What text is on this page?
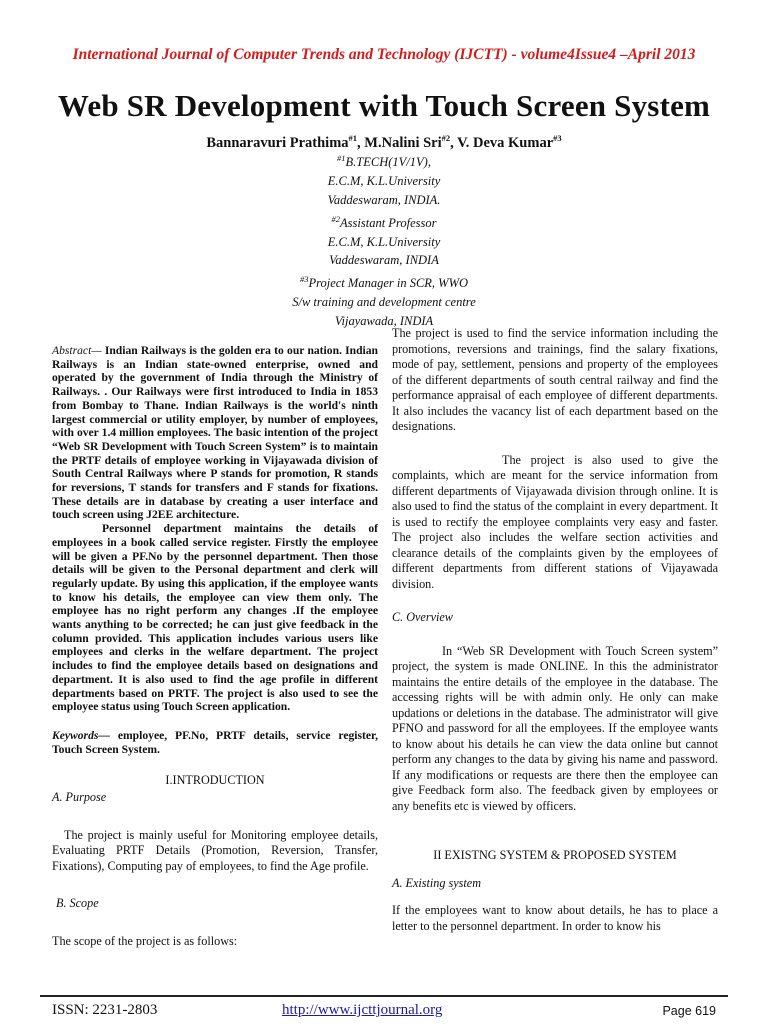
International Journal of Computer Trends and Technology (IJCTT) - volume4Issue4 –April 2013
Web SR Development with Touch Screen System
Bannaravuri Prathima$^{\#1}$, M.Nalini Sri$^{\#2}$, V. Deva Kumar$^{\#3}$
$^{\#1}$B.TECH(1V/1V),
E.C.M, K.L.University
Vaddeswaram, INDIA.
$^{\#2}$Assistant Professor
E.C.M, K.L.University
Vaddeswaram, INDIA
$^{\#3}$Project Manager in SCR, WWO
S/w training and development centre
Vijayawada, INDIA

Abstract— Indian Railways is the golden era to our nation. Indian Railways is an Indian state-owned enterprise, owned and operated by the government of India through the Ministry of Railways. . Our Railways were first introduced to India in 1853 from Bombay to Thane. Indian Railways is the world's ninth largest commercial or utility employer, by number of employees, with over 1.4 million employees. The basic intention of the project “Web SR Development with Touch Screen System” is to maintain the PRTF details of employee working in Vijayawada division of South Central Railways where P stands for promotion, R stands for reversions, T stands for transfers and F stands for fixations. These details are in database by creating a user interface and touch screen using J2EE architecture.

Personnel department maintains the details of employees in a book called service register. Firstly the employee will be given a PF.No by the personnel department. Then those details will be given to the Personal department and clerk will regularly update. By using this application, if the employee wants to know his details, the employee can view them only. The employee has no right perform any changes .If the employee wants anything to be corrected; he can just give feedback in the column provided. This application includes various users like employees and clerks in the welfare department. The project includes to find the employee details based on designations and department. It is also used to find the age profile in different departments based on PRTF. The project is also used to see the employee status using Touch Screen application.

Keywords— employee, PF.No, PRTF details, service register, Touch Screen System.

I.INTRODUCTION

A. Purpose

The project is mainly useful for Monitoring employee details, Evaluating PRTF Details (Promotion, Reversion, Transfer, Fixations), Computing pay of employees, to find the Age profile.

B. Scope

The scope of the project is as follows:

The project is used to find the service information including the promotions, reversions and trainings, find the salary fixations, mode of pay, settlement, pensions and property of the employees of the different departments of south central railway and find the performance appraisal of each employee of different departments. It also includes the vacancy list of each department based on the designations.

The project is also used to give the complaints, which are meant for the service information from different departments of Vijayawada division through online. It is also used to find the status of the complaint in every department. It is used to rectify the employee complaints very easy and faster. The project also includes the welfare section activities and clearance details of the complaints given by the employees of different departments from different stations of Vijayawada division.

C. Overview

In “Web SR Development with Touch Screen system” project, the system is made ONLINE. In this the administrator maintains the entire details of the employee in the database. The accessing rights will be with admin only. He only can make updations or deletions in the database. The administrator will give PFNO and password for all the employees. If the employee wants to know about his details he can view the data online but cannot perform any changes to the data by giving his name and password. If any modifications or requests are there then the employee can give Feedback form also. The feedback given by employees or any benefits etc is viewed by officers.

II EXISTNG SYSTEM & PROPOSED SYSTEM

A. Existing system

If the employees want to know about details, he has to place a letter to the personnel department. In order to know his

ISSN: 2231-2803	http://www.ijcttjournal.org	Page 619
